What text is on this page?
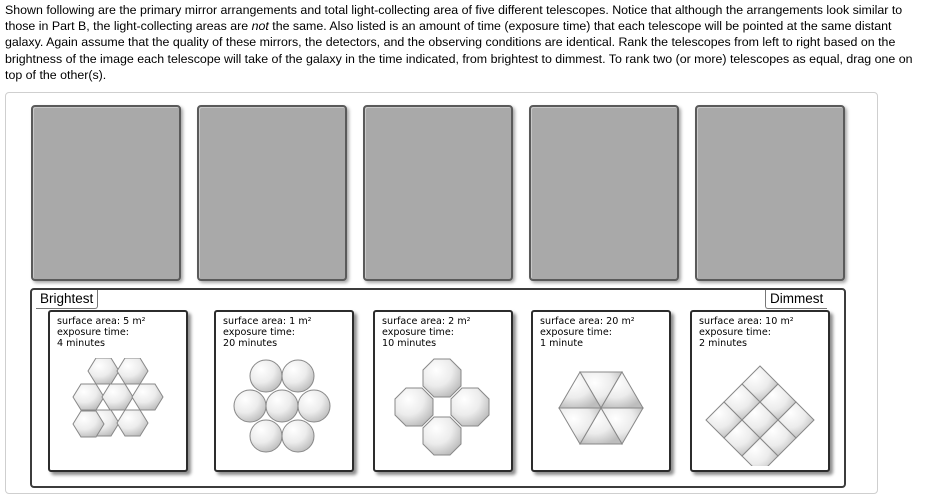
Shown following are the primary mirror arrangements and total light-collecting area of five different telescopes. Notice that although the arrangements look similar to those in Part B, the light-collecting areas are not the same. Also listed is an amount of time (exposure time) that each telescope will be pointed at the same distant galaxy. Again assume that the quality of these mirrors, the detectors, and the observing conditions are identical. Rank the telescopes from left to right based on the brightness of the image each telescope will take of the galaxy in the time indicated, from brightest to dimmest. To rank two (or more) telescopes as equal, drag one on top of the other(s).

Brightest	Dimmest
surface area: 5 m²
exposure time:
4 minutes
surface area: 1 m²
exposure time:
20 minutes
surface area: 2 m²
exposure time:
10 minutes
surface area: 20 m²
exposure time:
1 minute
surface area: 10 m²
exposure time:
2 minutes
